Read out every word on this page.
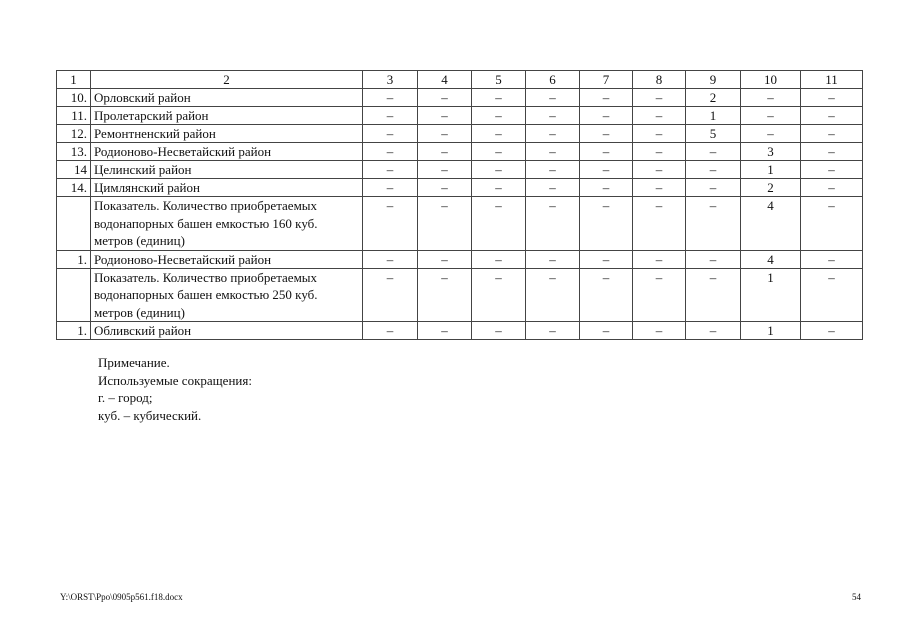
1	2	3	4	5	6	7	8	9	10	11
10.	Орловский район	–	–	–	–	–	–	2	–	–
11.	Пролетарский район	–	–	–	–	–	–	1	–	–
12.	Ремонтненский район	–	–	–	–	–	–	5	–	–
13.	Родионово-Несветайский район	–	–	–	–	–	–	–	3	–
14	Целинский район	–	–	–	–	–	–	–	1	–
14.	Цимлянский район	–	–	–	–	–	–	–	2	–
	Показатель. Количество приобретаемых водонапорных башен емкостью 160 куб. метров (единиц)	–	–	–	–	–	–	–	4	–
1.	Родионово-Несветайский район	–	–	–	–	–	–	–	4	–
	Показатель. Количество приобретаемых водонапорных башен емкостью 250 куб. метров (единиц)	–	–	–	–	–	–	–	1	–
1.	Обливский район	–	–	–	–	–	–	–	1	–
Примечание.
Используемые сокращения:
г. – город;
куб. – кубический.
Y:\ORST\Ppo\0905p561.f18.docx	54
